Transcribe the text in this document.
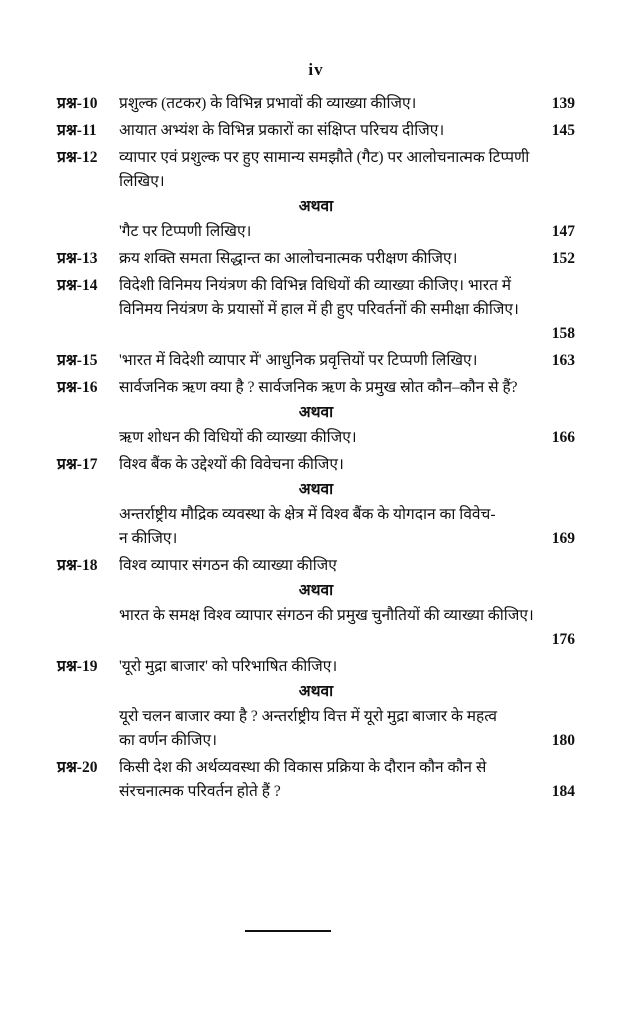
iv
प्रश्न-10	प्रशुल्क (तटकर) के विभिन्न प्रभावों की व्याख्या कीजिए।	139
प्रश्न-11	आयात अभ्यंश के विभिन्न प्रकारों का संक्षिप्त परिचय दीजिए।	145
प्रश्न-12	व्यापार एवं प्रशुल्क पर हुए सामान्य समझौते (गैट) पर आलोचनात्मक टिप्पणी
लिखिए।
अथवा
'गैट पर टिप्पणी लिखिए।	147
प्रश्न-13	क्रय शक्ति समता सिद्धान्त का आलोचनात्मक परीक्षण कीजिए।	152
प्रश्न-14	विदेशी विनिमय नियंत्रण की विभिन्न विधियों की व्याख्या कीजिए। भारत में
विनिमय नियंत्रण के प्रयासों में हाल में ही हुए परिवर्तनों की समीक्षा कीजिए।
158
प्रश्न-15	'भारत में विदेशी व्यापार में' आधुनिक प्रवृत्तियों पर टिप्पणी लिखिए।	163
प्रश्न-16	सार्वजनिक ऋण क्या है ? सार्वजनिक ऋण के प्रमुख स्रोत कौन–कौन से हैं?
अथवा
ऋण शोधन की विधियों की व्याख्या कीजिए।	166
प्रश्न-17	विश्व बैंक के उद्देश्यों की विवेचना कीजिए।
अथवा
अन्तर्राष्ट्रीय मौद्रिक व्यवस्था के क्षेत्र में विश्व बैंक के योगदान का विवेच-
न कीजिए।	169
प्रश्न-18	विश्व व्यापार संगठन की व्याख्या कीजिए
अथवा
भारत के समक्ष विश्व व्यापार संगठन की प्रमुख चुनौतियों की व्याख्या कीजिए।
176
प्रश्न-19	'यूरो मुद्रा बाजार' को परिभाषित कीजिए।
अथवा
यूरो चलन बाजार क्या है ? अन्तर्राष्ट्रीय वित्त में यूरो मुद्रा बाजार के महत्व
का वर्णन कीजिए।	180
प्रश्न-20	किसी देश की अर्थव्यवस्था की विकास प्रक्रिया के दौरान कौन कौन से
संरचनात्मक परिवर्तन होते हैं ?	184
